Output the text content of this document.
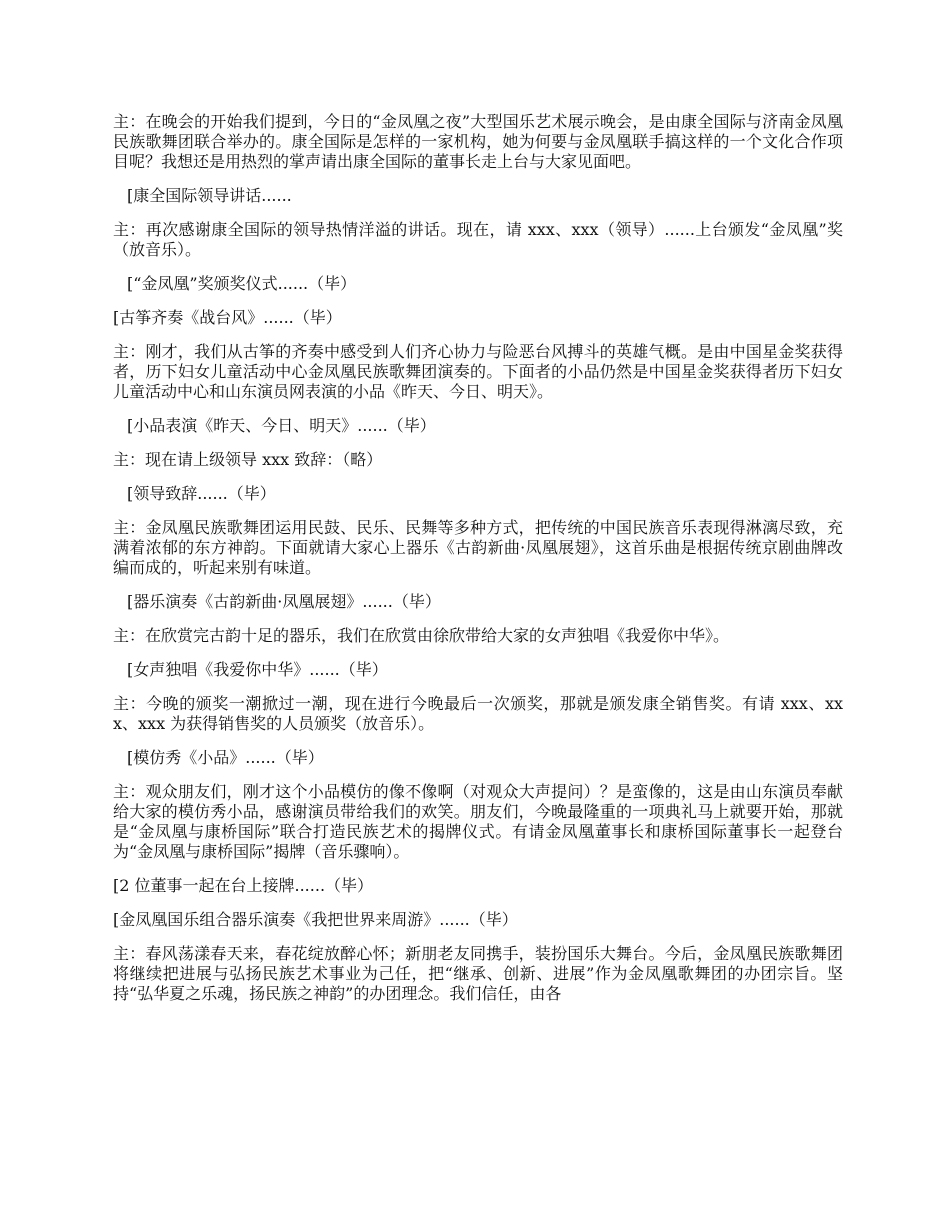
主：在晚会的开始我们提到，今日的“金凤凰之夜”大型国乐艺术展示晚会，是由康全国际与济南金凤凰民族歌舞团联合举办的。康全国际是怎样的一家机构，她为何要与金凤凰联手搞这样的一个文化合作项目呢？我想还是用热烈的掌声请出康全国际的董事长走上台与大家见面吧。

[康全国际领导讲话......

主：再次感谢康全国际的领导热情洋溢的讲话。现在，请 xxx、xxx（领导）......上台颁发“金凤凰”奖（放音乐）。

[“金凤凰”奖颁奖仪式......（毕）

[古筝齐奏《战台风》......（毕）

主：刚才，我们从古筝的齐奏中感受到人们齐心协力与险恶台风搏斗的英雄气概。是由中国星金奖获得者，历下妇女儿童活动中心金凤凰民族歌舞团演奏的。下面者的小品仍然是中国星金奖获得者历下妇女儿童活动中心和山东演员网表演的小品《昨天、今日、明天》。

[小品表演《昨天、今日、明天》......（毕）

主：现在请上级领导 xxx 致辞：（略）

[领导致辞......（毕）

主：金凤凰民族歌舞团运用民鼓、民乐、民舞等多种方式，把传统的中国民族音乐表现得淋漓尽致，充满着浓郁的东方神韵。下面就请大家心上器乐《古韵新曲·凤凰展翅》，这首乐曲是根据传统京剧曲牌改编而成的，听起来别有味道。

[器乐演奏《古韵新曲·凤凰展翅》......（毕）

主：在欣赏完古韵十足的器乐，我们在欣赏由徐欣带给大家的女声独唱《我爱你中华》。

[女声独唱《我爱你中华》......（毕）

主：今晚的颁奖一潮掀过一潮，现在进行今晚最后一次颁奖，那就是颁发康全销售奖。有请 xxx、xxx、xxx 为获得销售奖的人员颁奖（放音乐）。

[模仿秀《小品》......（毕）

主：观众朋友们，刚才这个小品模仿的像不像啊（对观众大声提问）？是蛮像的，这是由山东演员奉献给大家的模仿秀小品，感谢演员带给我们的欢笑。朋友们，今晚最隆重的一项典礼马上就要开始，那就是“金凤凰与康桥国际”联合打造民族艺术的揭牌仪式。有请金凤凰董事长和康桥国际董事长一起登台为“金凤凰与康桥国际”揭牌（音乐骤响）。

[2 位董事一起在台上接牌......（毕）

[金凤凰国乐组合器乐演奏《我把世界来周游》......（毕）

主：春风荡漾春天来，春花绽放醉心怀；新朋老友同携手，装扮国乐大舞台。今后，金凤凰民族歌舞团将继续把进展与弘扬民族艺术事业为己任，把“继承、创新、进展”作为金凤凰歌舞团的办团宗旨。坚持“弘华夏之乐魂，扬民族之神韵”的办团理念。我们信任，由各
